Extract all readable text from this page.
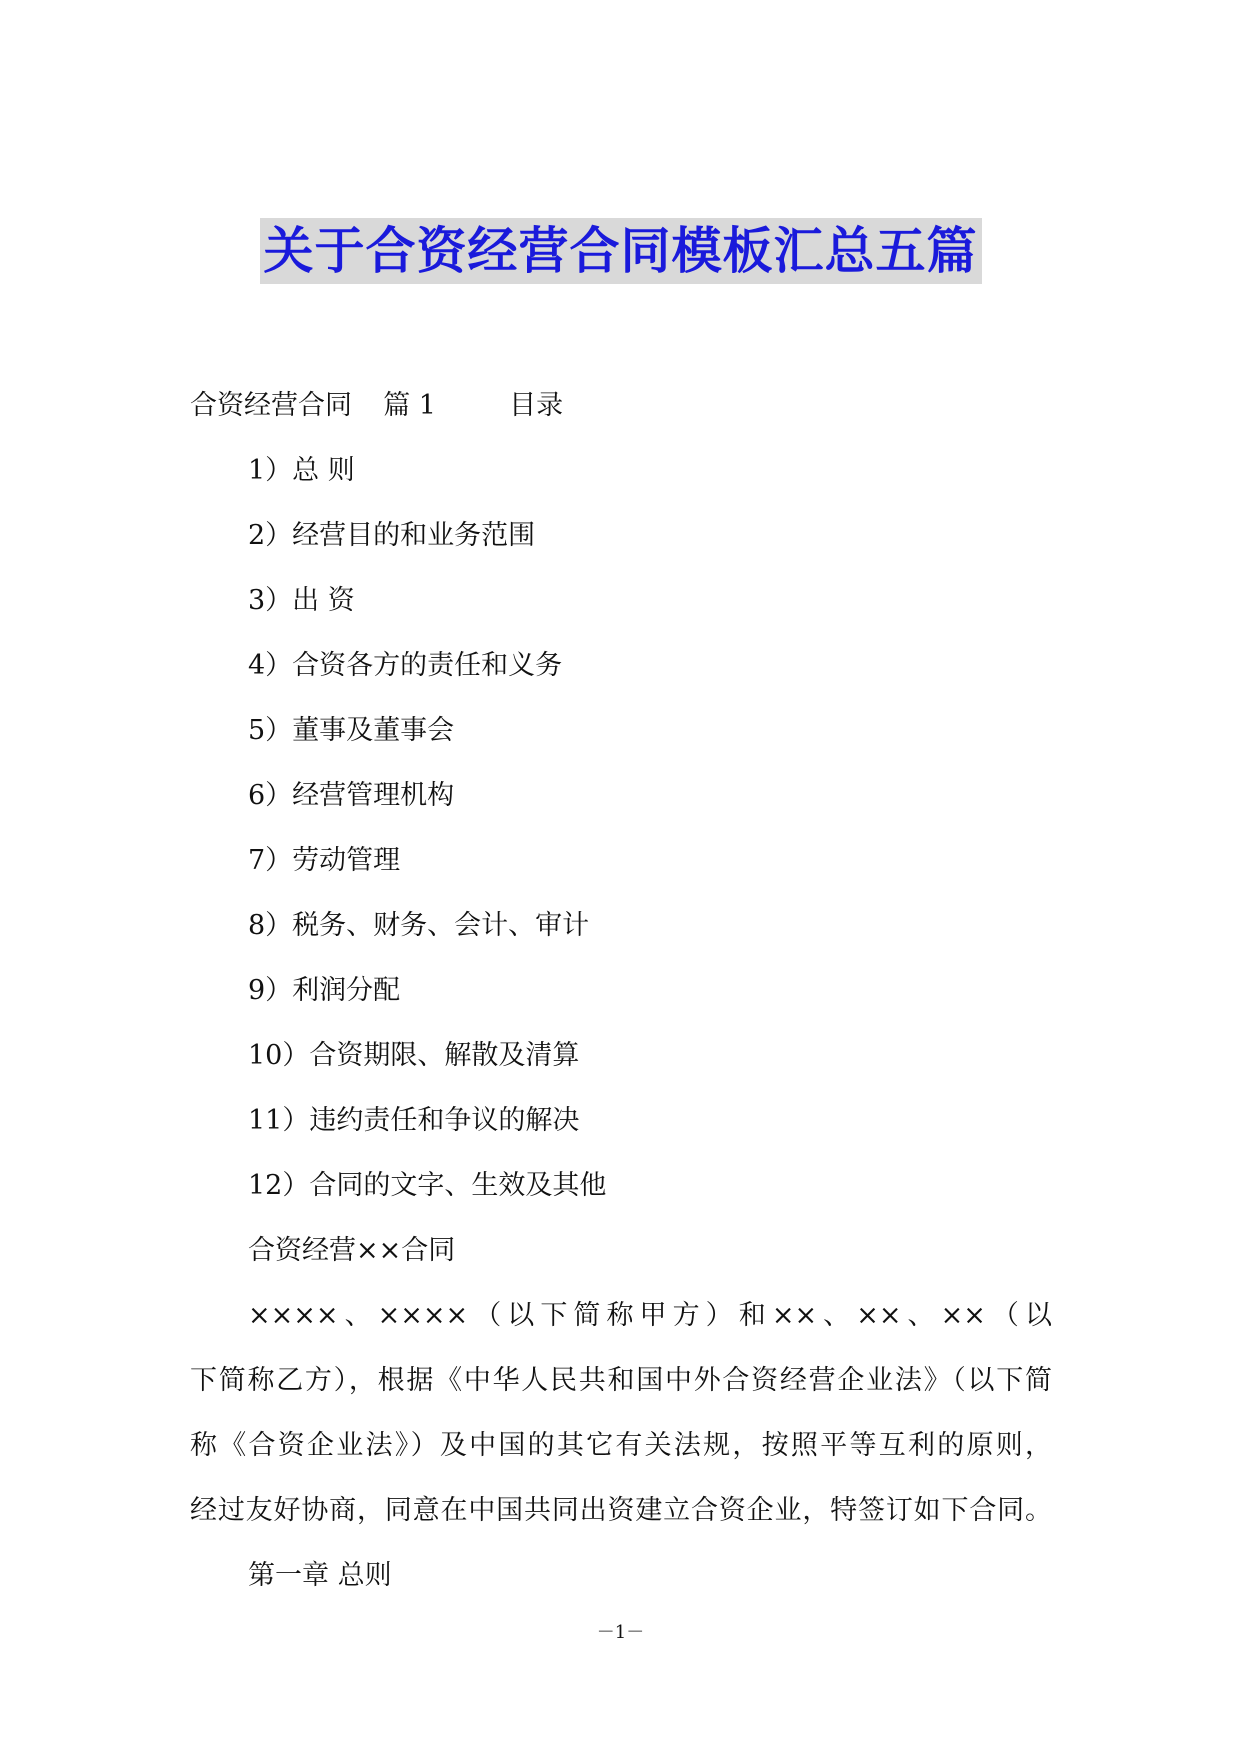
关于合资经营合同模板汇总五篇
合资经营合同 篇 1	目录
1）总 则
2）经营目的和业务范围
3）出 资
4）合资各方的责任和义务
5）董事及董事会
6）经营管理机构
7）劳动管理
8）税务、财务、会计、审计
9）利润分配
10）合资期限、解散及清算
11）违约责任和争议的解决
12）合同的文字、生效及其他
合资经营××合同
××××、××××（以下简称甲方）和××、××、××（以
下简称乙方），根据《中华人民共和国中外合资经营企业法》（以下简
称《合资企业法》）及中国的其它有关法规，按照平等互利的原则，
经过友好协商，同意在中国共同出资建立合资企业，特签订如下合同。
第一章 总则
－1－
